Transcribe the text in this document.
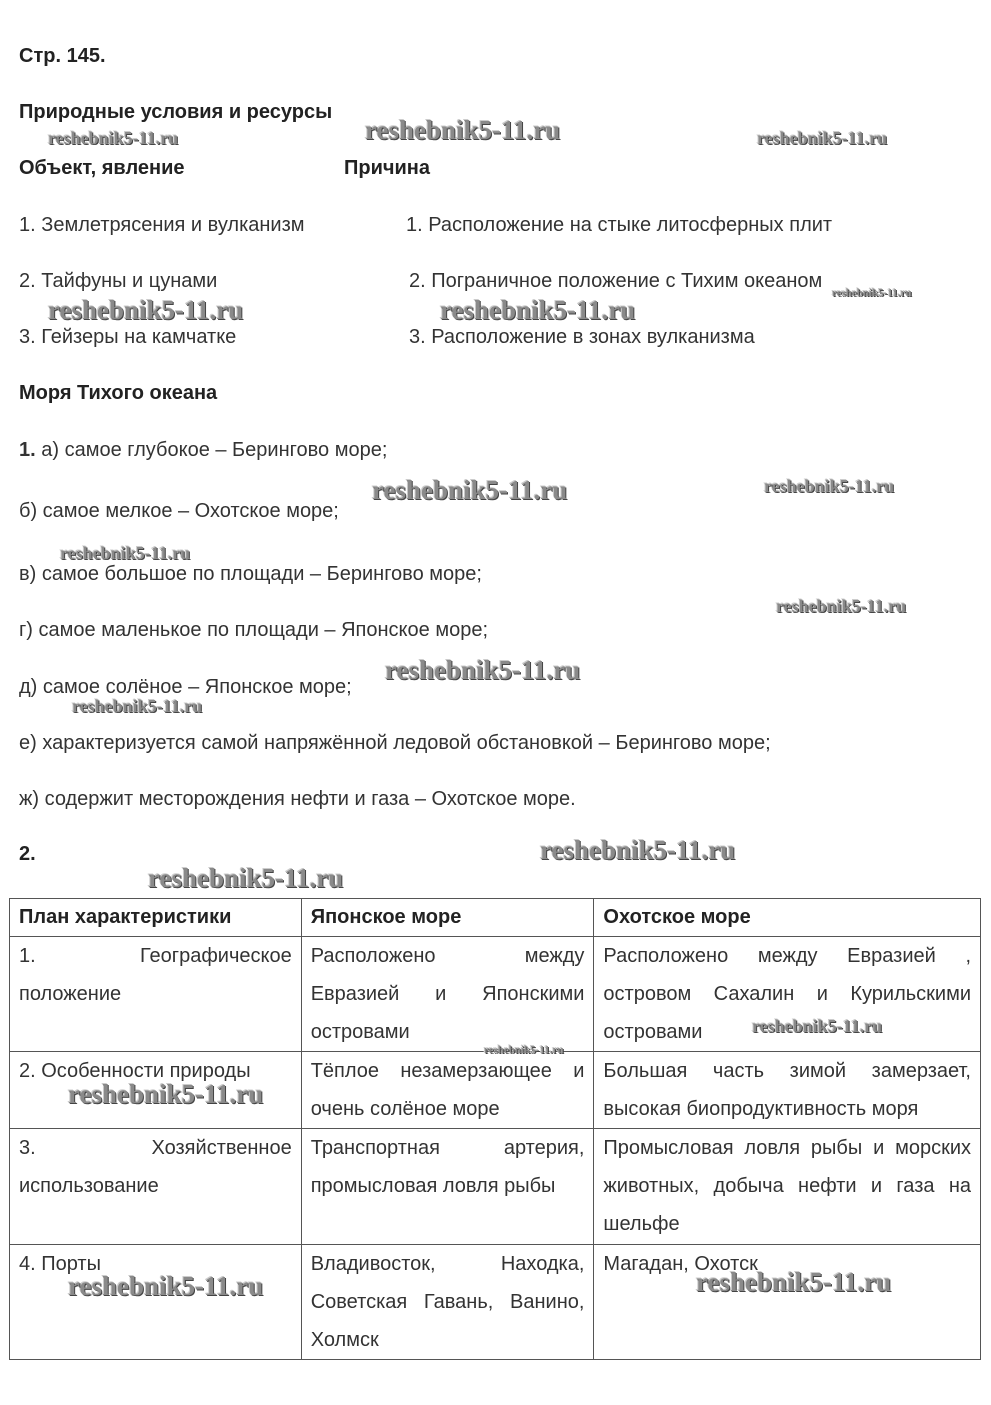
Стр. 145.
Природные условия и ресурсы
Объект, явление	Причина
1. Землетрясения и вулканизм	1. Расположение на стыке литосферных плит
2. Тайфуны и цунами	2. Пограничное положение с Тихим океаном
3. Гейзеры на камчатке	3. Расположение в зонах вулканизма
Моря Тихого океана
1. а) самое глубокое – Берингово море;
б) самое мелкое – Охотское море;
в) самое большое по площади – Берингово море;
г) самое маленькое по площади – Японское море;
д) самое солёное – Японское море;
е) характеризуется самой напряжённой ледовой обстановкой – Берингово море;
ж) содержит месторождения нефти и газа – Охотское море.
2.
План характеристики	Японское море	Охотское море
1. Географическое положение	Расположено между Евразией и Японскими островами	Расположено между Евразией , островом Сахалин и Курильскими островами
2. Особенности природы	Тёплое незамерзающее и очень солёное море	Большая часть зимой замерзает, высокая биопродуктивность моря
3. Хозяйственное использование	Транспортная артерия, промысловая ловля рыбы	Промысловая ловля рыбы и морских животных, добыча нефти и газа на шельфе
4. Порты	Владивосток, Находка, Советская Гавань, Ванино, Холмск	Магадан, Охотск
reshebnik5-11.ru
reshebnik5-11.ru	reshebnik5-11.ru
reshebnik5-11.ru	reshebnik5-11.ru
reshebnik5-11.ru
reshebnik5-11.ru	reshebnik5-11.ru
reshebnik5-11.ru
reshebnik5-11.ru
reshebnik5-11.ru
reshebnik5-11.ru
reshebnik5-11.ru
reshebnik5-11.ru
reshebnik5-11.ru
reshebnik5-11.ru
reshebnik5-11.ru
reshebnik5-11.ru	reshebnik5-11.ru
